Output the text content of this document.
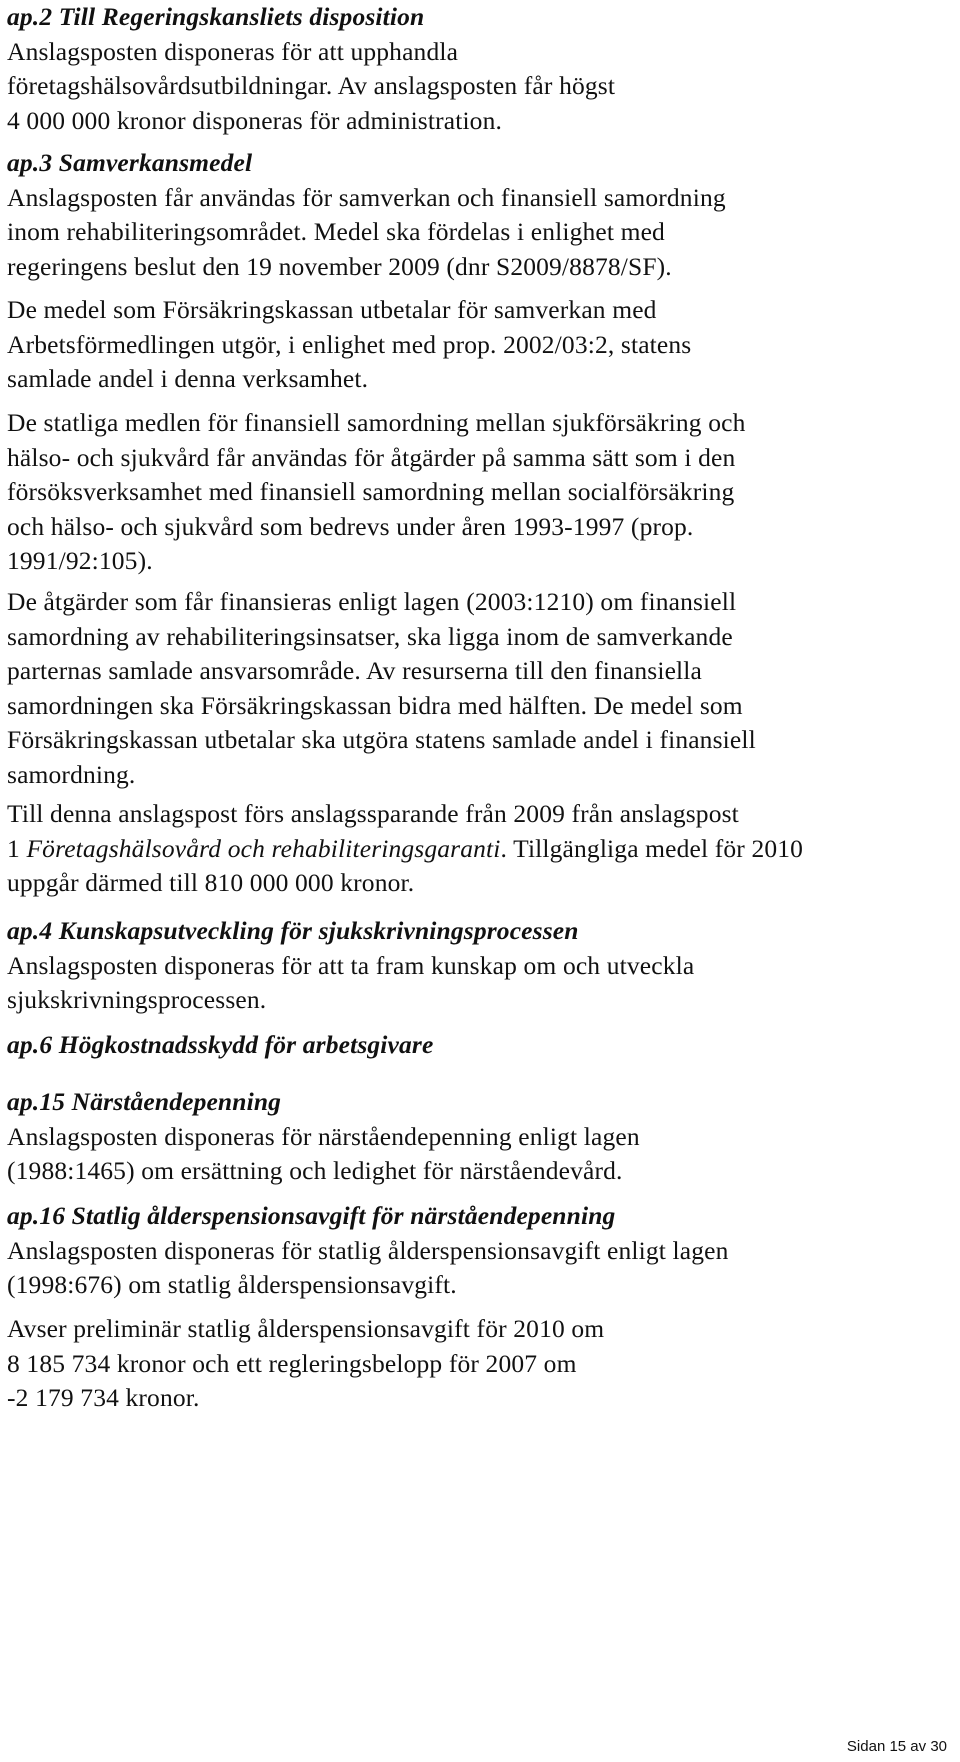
ap.2 Till Regeringskansliets disposition
Anslagsposten disponeras för att upphandla
företagshälsovårdsutbildningar. Av anslagsposten får högst
4 000 000 kronor disponeras för administration.
ap.3 Samverkansmedel
Anslagsposten får användas för samverkan och finansiell samordning
inom rehabiliteringsområdet. Medel ska fördelas i enlighet med
regeringens beslut den 19 november 2009 (dnr S2009/8878/SF).
De medel som Försäkringskassan utbetalar för samverkan med
Arbetsförmedlingen utgör, i enlighet med prop. 2002/03:2, statens
samlade andel i denna verksamhet.
De statliga medlen för finansiell samordning mellan sjukförsäkring och
hälso- och sjukvård får användas för åtgärder på samma sätt som i den
försöksverksamhet med finansiell samordning mellan socialförsäkring
och hälso- och sjukvård som bedrevs under åren 1993-1997 (prop.
1991/92:105).
De åtgärder som får finansieras enligt lagen (2003:1210) om finansiell
samordning av rehabiliteringsinsatser, ska ligga inom de samverkande
parternas samlade ansvarsområde. Av resurserna till den finansiella
samordningen ska Försäkringskassan bidra med hälften. De medel som
Försäkringskassan utbetalar ska utgöra statens samlade andel i finansiell
samordning.
Till denna anslagspost förs anslagssparande från 2009 från anslagspost
1 Företagshälsovård och rehabiliteringsgaranti. Tillgängliga medel för 2010
uppgår därmed till 810 000 000 kronor.
ap.4 Kunskapsutveckling för sjukskrivningsprocessen
Anslagsposten disponeras för att ta fram kunskap om och utveckla
sjukskrivningsprocessen.
ap.6 Högkostnadsskydd för arbetsgivare
ap.15 Närståendepenning
Anslagsposten disponeras för närståendepenning enligt lagen
(1988:1465) om ersättning och ledighet för närståendevård.
ap.16 Statlig ålderspensionsavgift för närståendepenning
Anslagsposten disponeras för statlig ålderspensionsavgift enligt lagen
(1998:676) om statlig ålderspensionsavgift.
Avser preliminär statlig ålderspensionsavgift för 2010 om
8 185 734 kronor och ett regleringsbelopp för 2007 om
-2 179 734 kronor.
Sidan 15 av 30
